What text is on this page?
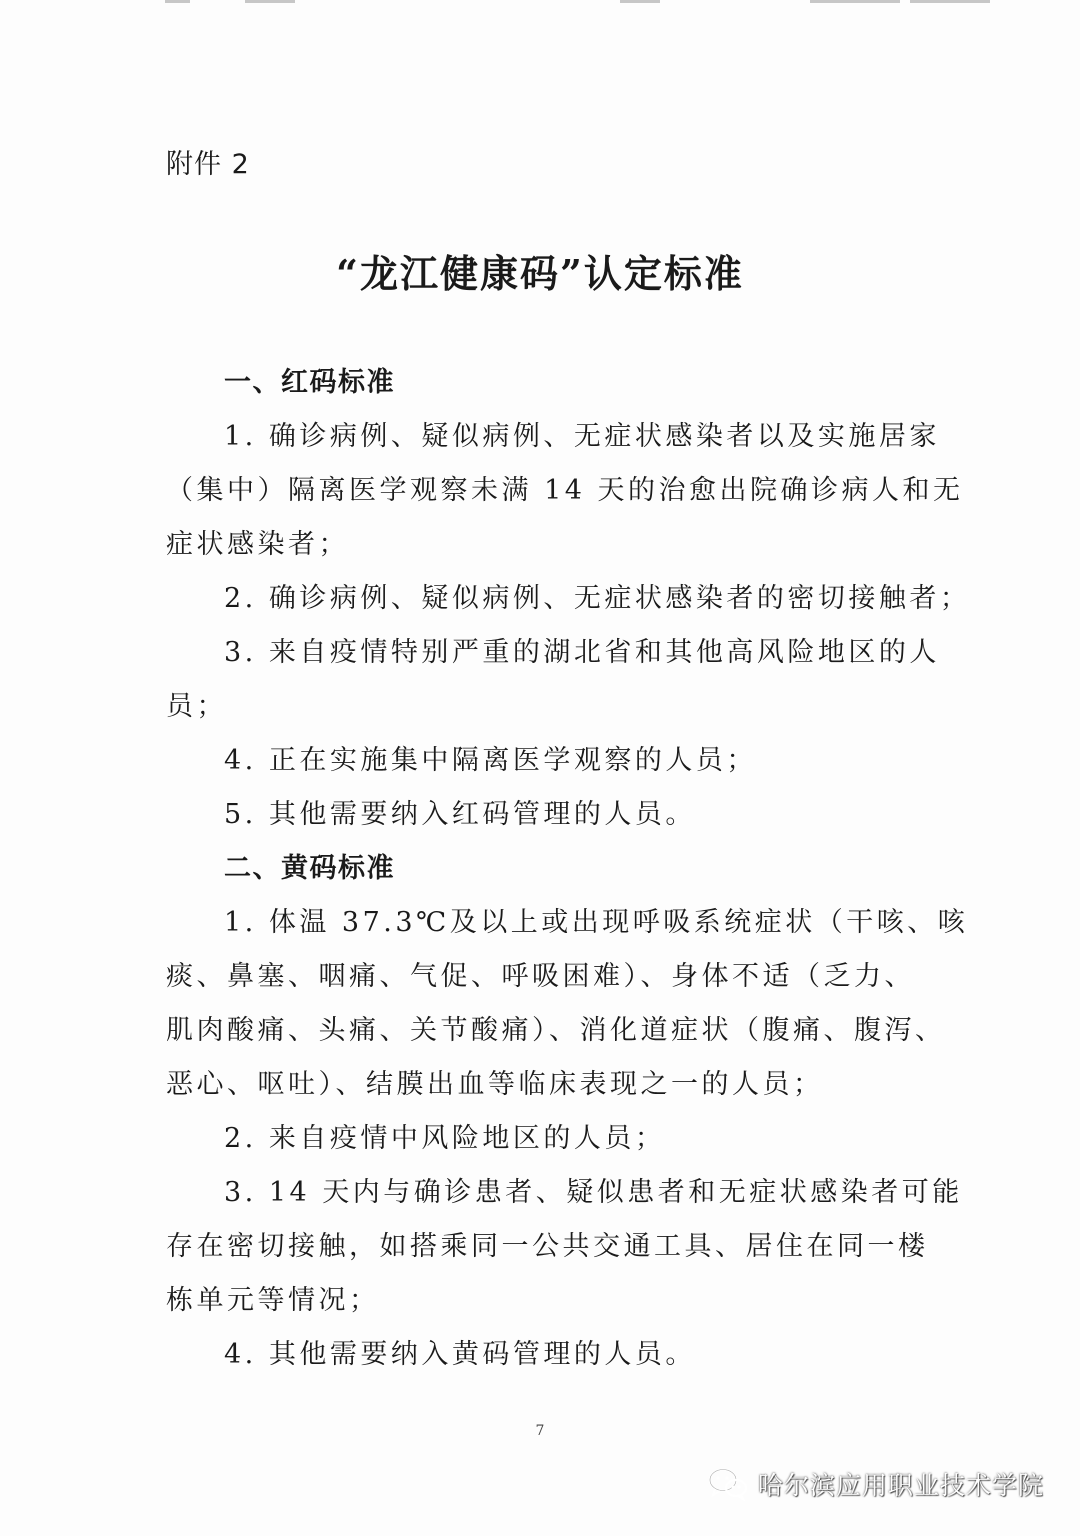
附件 2
“龙江健康码”认定标准
一、红码标准
1. 确诊病例、疑似病例、无症状感染者以及实施居家
（集中）隔离医学观察未满 14 天的治愈出院确诊病人和无
症状感染者；
2. 确诊病例、疑似病例、无症状感染者的密切接触者；
3. 来自疫情特别严重的湖北省和其他高风险地区的人
员；
4. 正在实施集中隔离医学观察的人员；
5. 其他需要纳入红码管理的人员。
二、黄码标准
1. 体温 37.3℃及以上或出现呼吸系统症状（干咳、咳
痰、鼻塞、咽痛、气促、呼吸困难）、身体不适（乏力、
肌肉酸痛、头痛、关节酸痛）、消化道症状（腹痛、腹泻、
恶心、呕吐）、结膜出血等临床表现之一的人员；
2. 来自疫情中风险地区的人员；
3. 14 天内与确诊患者、疑似患者和无症状感染者可能
存在密切接触，如搭乘同一公共交通工具、居住在同一楼
栋单元等情况；
4. 其他需要纳入黄码管理的人员。
7
哈尔滨应用职业技术学院
